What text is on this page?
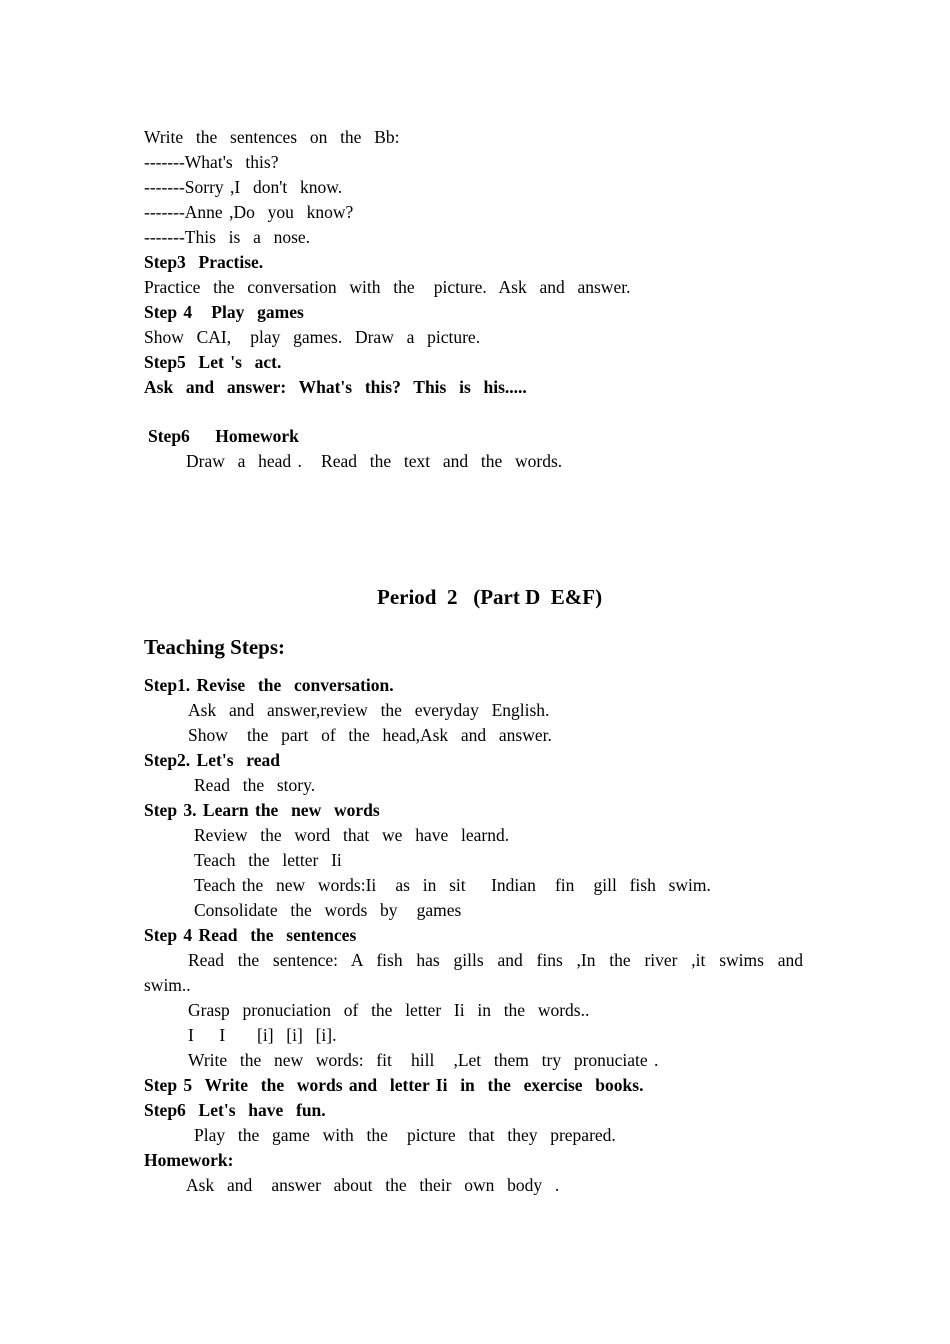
Write  the  sentences  on  the  Bb:
-------What's  this?
-------Sorry ,I  don't  know.
-------Anne ,Do  you  know?
-------This  is  a  nose.
Step3  Practise.
Practice  the  conversation  with  the   picture.  Ask  and  answer.
Step 4   Play  games
Show  CAI,   play  games.  Draw  a  picture.
Step5  Let 's  act.
Ask  and  answer:  What's  this?  This  is  his.....
Step6    Homework
Draw  a  head .   Read  the  text  and  the  words.
Period  2   (Part D  E&F)
Teaching Steps:
Step1. Revise  the  conversation.
Ask  and  answer,review  the  everyday  English.
Show   the  part  of  the  head,Ask  and  answer.
Step2. Let's  read
Read  the  story.
Step 3. Learn the  new  words
Review  the  word  that  we  have  learnd.
Teach  the  letter  Ii
Teach the  new  words:Ii   as  in  sit    Indian   fin   gill  fish  swim.
Consolidate  the  words  by   games
Step 4 Read  the  sentences
Read the sentence: A fish has gills and fins ,In the river ,it swims and
swim..
Grasp  pronuciation  of  the  letter  Ii  in  the  words..
I    I     [i]  [i]  [i].
Write  the  new  words:  fit   hill   ,Let  them  try  pronuciate .
Step 5  Write  the  words and  letter Ii  in  the  exercise  books.
Step6  Let's  have  fun.
Play  the  game  with  the   picture  that  they  prepared.
Homework:
Ask  and   answer  about  the  their  own  body  .
